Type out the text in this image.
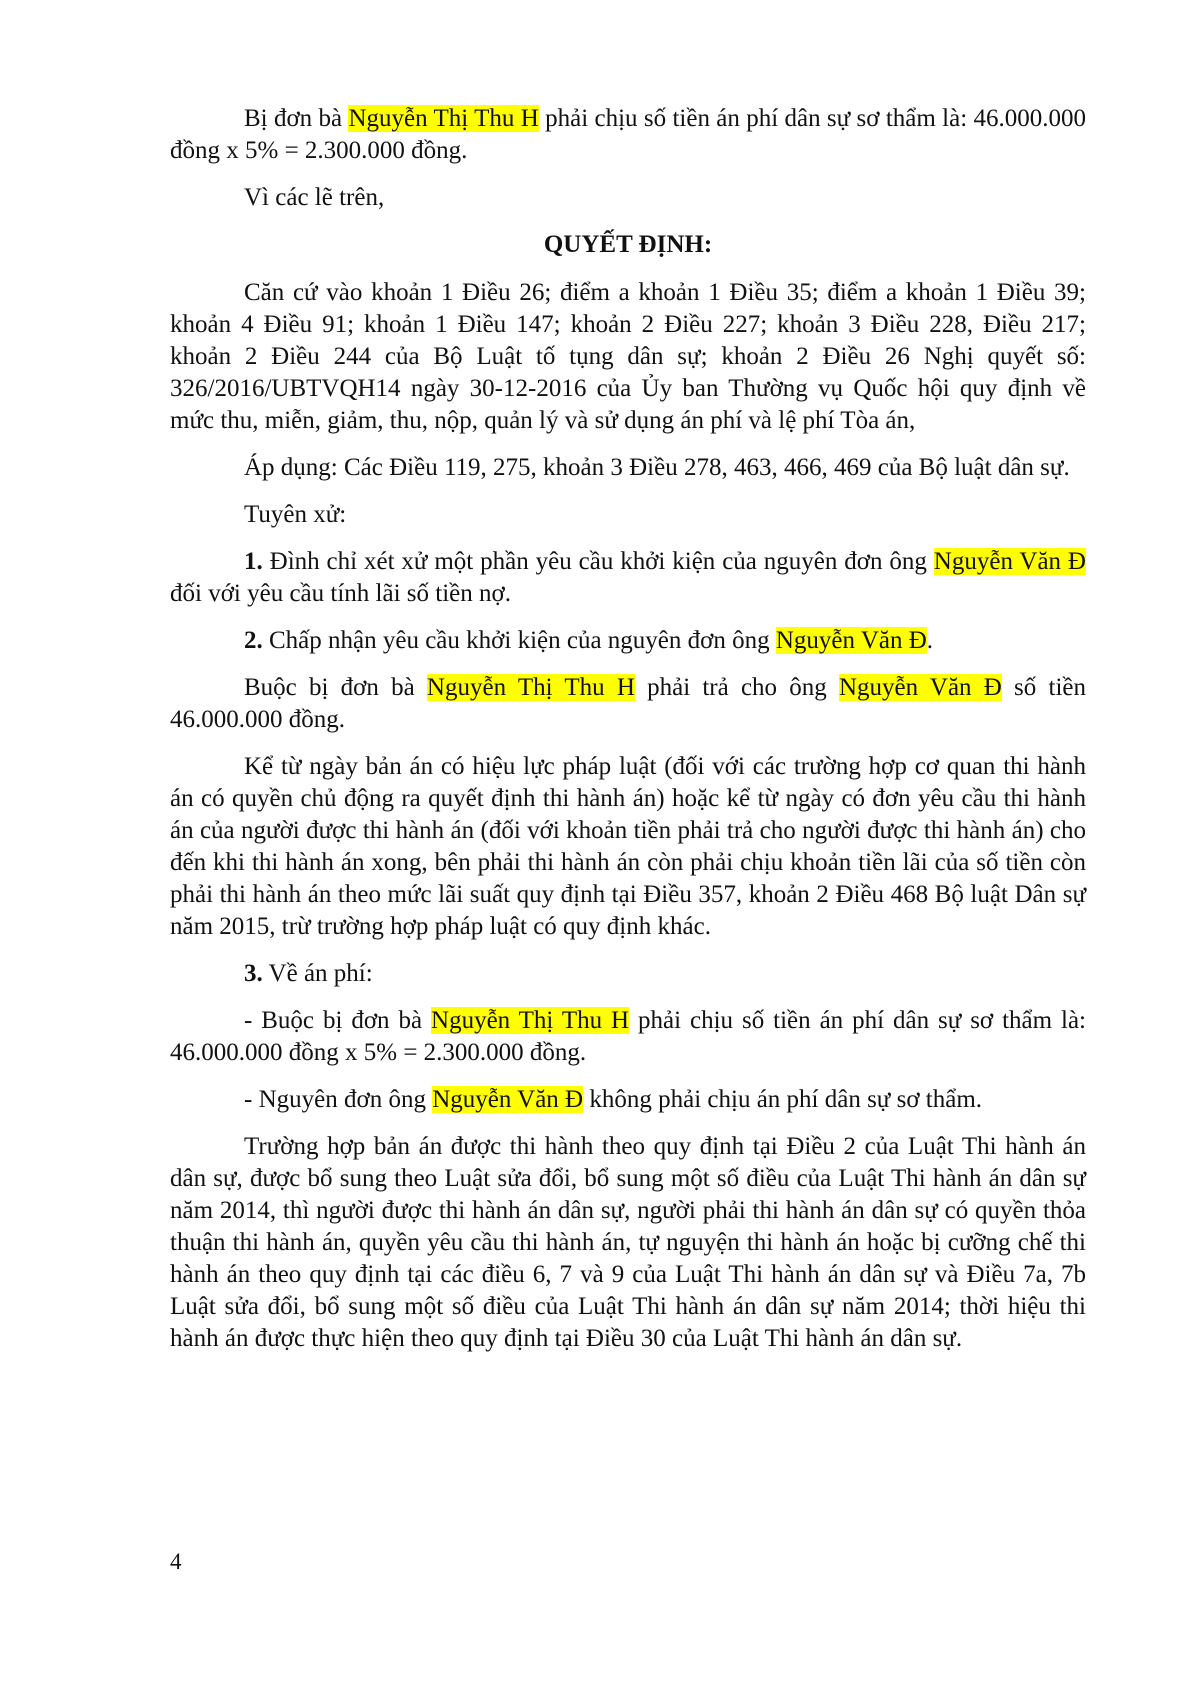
Bị đơn bà Nguyễn Thị Thu H phải chịu số tiền án phí dân sự sơ thẩm là: 46.000.000 đồng x 5% = 2.300.000 đồng.

Vì các lẽ trên,

QUYẾT ĐỊNH:

Căn cứ vào khoản 1 Điều 26; điểm a khoản 1 Điều 35; điểm a khoản 1 Điều 39; khoản 4 Điều 91; khoản 1 Điều 147; khoản 2 Điều 227; khoản 3 Điều 228, Điều 217; khoản 2 Điều 244 của Bộ Luật tố tụng dân sự; khoản 2 Điều 26 Nghị quyết số: 326/2016/UBTVQH14 ngày 30-12-2016 của Ủy ban Thường vụ Quốc hội quy định về mức thu, miễn, giảm, thu, nộp, quản lý và sử dụng án phí và lệ phí Tòa án,

Áp dụng: Các Điều 119, 275, khoản 3 Điều 278, 463, 466, 469 của Bộ luật dân sự.

Tuyên xử:

1. Đình chỉ xét xử một phần yêu cầu khởi kiện của nguyên đơn ông Nguyễn Văn Đ đối với yêu cầu tính lãi số tiền nợ.

2. Chấp nhận yêu cầu khởi kiện của nguyên đơn ông Nguyễn Văn Đ.

Buộc bị đơn bà Nguyễn Thị Thu H phải trả cho ông Nguyễn Văn Đ số tiền 46.000.000 đồng.

Kể từ ngày bản án có hiệu lực pháp luật (đối với các trường hợp cơ quan thi hành án có quyền chủ động ra quyết định thi hành án) hoặc kể từ ngày có đơn yêu cầu thi hành án của người được thi hành án (đối với khoản tiền phải trả cho người được thi hành án) cho đến khi thi hành án xong, bên phải thi hành án còn phải chịu khoản tiền lãi của số tiền còn phải thi hành án theo mức lãi suất quy định tại Điều 357, khoản 2 Điều 468 Bộ luật Dân sự năm 2015, trừ trường hợp pháp luật có quy định khác.

3. Về án phí:

- Buộc bị đơn bà Nguyễn Thị Thu H phải chịu số tiền án phí dân sự sơ thẩm là: 46.000.000 đồng x 5% = 2.300.000 đồng.

- Nguyên đơn ông Nguyễn Văn Đ không phải chịu án phí dân sự sơ thẩm.

Trường hợp bản án được thi hành theo quy định tại Điều 2 của Luật Thi hành án dân sự, được bổ sung theo Luật sửa đổi, bổ sung một số điều của Luật Thi hành án dân sự năm 2014, thì người được thi hành án dân sự, người phải thi hành án dân sự có quyền thỏa thuận thi hành án, quyền yêu cầu thi hành án, tự nguyện thi hành án hoặc bị cưỡng chế thi hành án theo quy định tại các điều 6, 7 và 9 của Luật Thi hành án dân sự và Điều 7a, 7b Luật sửa đổi, bổ sung một số điều của Luật Thi hành án dân sự năm 2014; thời hiệu thi hành án được thực hiện theo quy định tại Điều 30 của Luật Thi hành án dân sự.

4
